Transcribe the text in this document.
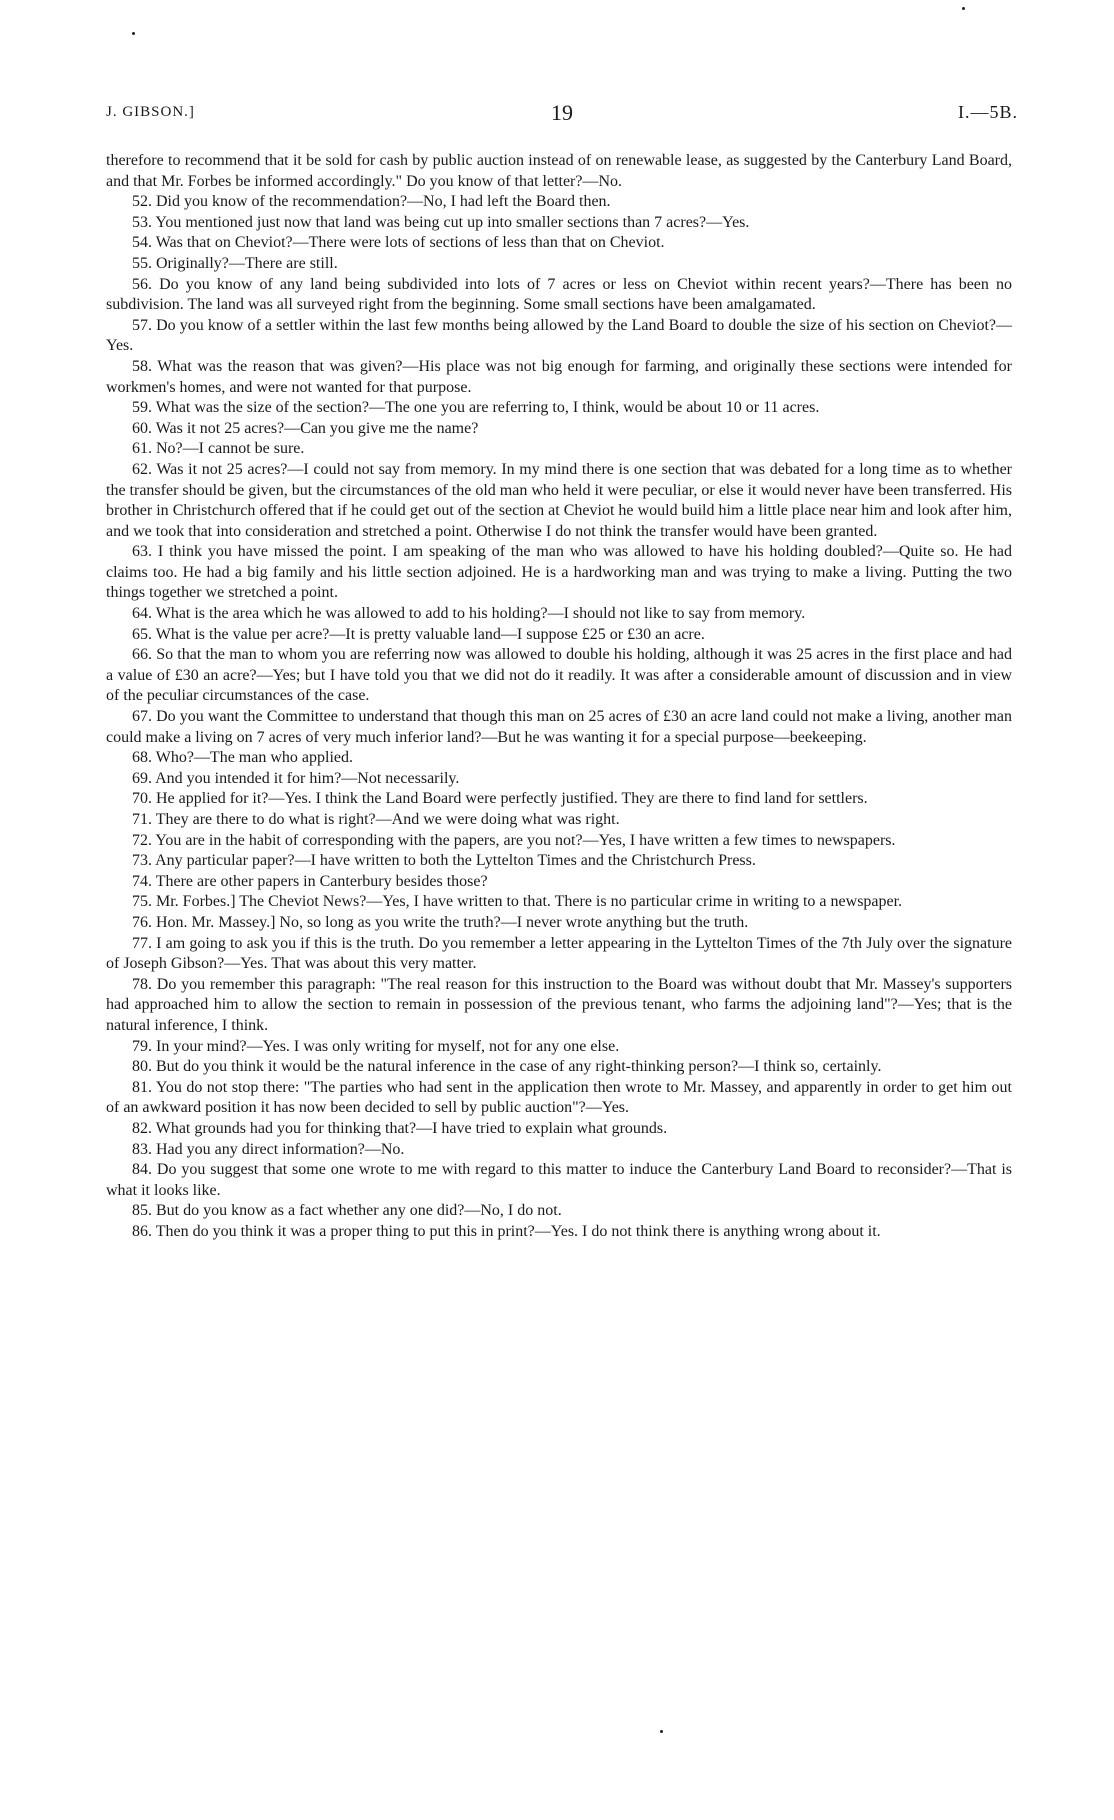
J. GIBSON.]	19	I.—5B.

therefore to recommend that it be sold for cash by public auction instead of on renewable lease, as suggested by the Canterbury Land Board, and that Mr. Forbes be informed accordingly." Do you know of that letter?—No.

52. Did you know of the recommendation?—No, I had left the Board then.

53. You mentioned just now that land was being cut up into smaller sections than 7 acres?—Yes.

54. Was that on Cheviot?—There were lots of sections of less than that on Cheviot.

55. Originally?—There are still.

56. Do you know of any land being subdivided into lots of 7 acres or less on Cheviot within recent years?—There has been no subdivision. The land was all surveyed right from the beginning. Some small sections have been amalgamated.

57. Do you know of a settler within the last few months being allowed by the Land Board to double the size of his section on Cheviot?—Yes.

58. What was the reason that was given?—His place was not big enough for farming, and originally these sections were intended for workmen's homes, and were not wanted for that purpose.

59. What was the size of the section?—The one you are referring to, I think, would be about 10 or 11 acres.

60. Was it not 25 acres?—Can you give me the name?

61. No?—I cannot be sure.

62. Was it not 25 acres?—I could not say from memory. In my mind there is one section that was debated for a long time as to whether the transfer should be given, but the circumstances of the old man who held it were peculiar, or else it would never have been transferred. His brother in Christchurch offered that if he could get out of the section at Cheviot he would build him a little place near him and look after him, and we took that into consideration and stretched a point. Otherwise I do not think the transfer would have been granted.

63. I think you have missed the point. I am speaking of the man who was allowed to have his holding doubled?—Quite so. He had claims too. He had a big family and his little section adjoined. He is a hardworking man and was trying to make a living. Putting the two things together we stretched a point.

64. What is the area which he was allowed to add to his holding?—I should not like to say from memory.

65. What is the value per acre?—It is pretty valuable land—I suppose £25 or £30 an acre.

66. So that the man to whom you are referring now was allowed to double his holding, although it was 25 acres in the first place and had a value of £30 an acre?—Yes; but I have told you that we did not do it readily. It was after a considerable amount of discussion and in view of the peculiar circumstances of the case.

67. Do you want the Committee to understand that though this man on 25 acres of £30 an acre land could not make a living, another man could make a living on 7 acres of very much inferior land?—But he was wanting it for a special purpose—beekeeping.

68. Who?—The man who applied.

69. And you intended it for him?—Not necessarily.

70. He applied for it?—Yes. I think the Land Board were perfectly justified. They are there to find land for settlers.

71. They are there to do what is right?—And we were doing what was right.

72. You are in the habit of corresponding with the papers, are you not?—Yes, I have written a few times to newspapers.

73. Any particular paper?—I have written to both the Lyttelton Times and the Christchurch Press.

74. There are other papers in Canterbury besides those?

75. Mr. Forbes.] The Cheviot News?—Yes, I have written to that. There is no particular crime in writing to a newspaper.

76. Hon. Mr. Massey.] No, so long as you write the truth?—I never wrote anything but the truth.

77. I am going to ask you if this is the truth. Do you remember a letter appearing in the Lyttelton Times of the 7th July over the signature of Joseph Gibson?—Yes. That was about this very matter.

78. Do you remember this paragraph: "The real reason for this instruction to the Board was without doubt that Mr. Massey's supporters had approached him to allow the section to remain in possession of the previous tenant, who farms the adjoining land"?—Yes; that is the natural inference, I think.

79. In your mind?—Yes. I was only writing for myself, not for any one else.

80. But do you think it would be the natural inference in the case of any right-thinking person?—I think so, certainly.

81. You do not stop there: "The parties who had sent in the application then wrote to Mr. Massey, and apparently in order to get him out of an awkward position it has now been decided to sell by public auction"?—Yes.

82. What grounds had you for thinking that?—I have tried to explain what grounds.

83. Had you any direct information?—No.

84. Do you suggest that some one wrote to me with regard to this matter to induce the Canterbury Land Board to reconsider?—That is what it looks like.

85. But do you know as a fact whether any one did?—No, I do not.

86. Then do you think it was a proper thing to put this in print?—Yes. I do not think there is anything wrong about it.
